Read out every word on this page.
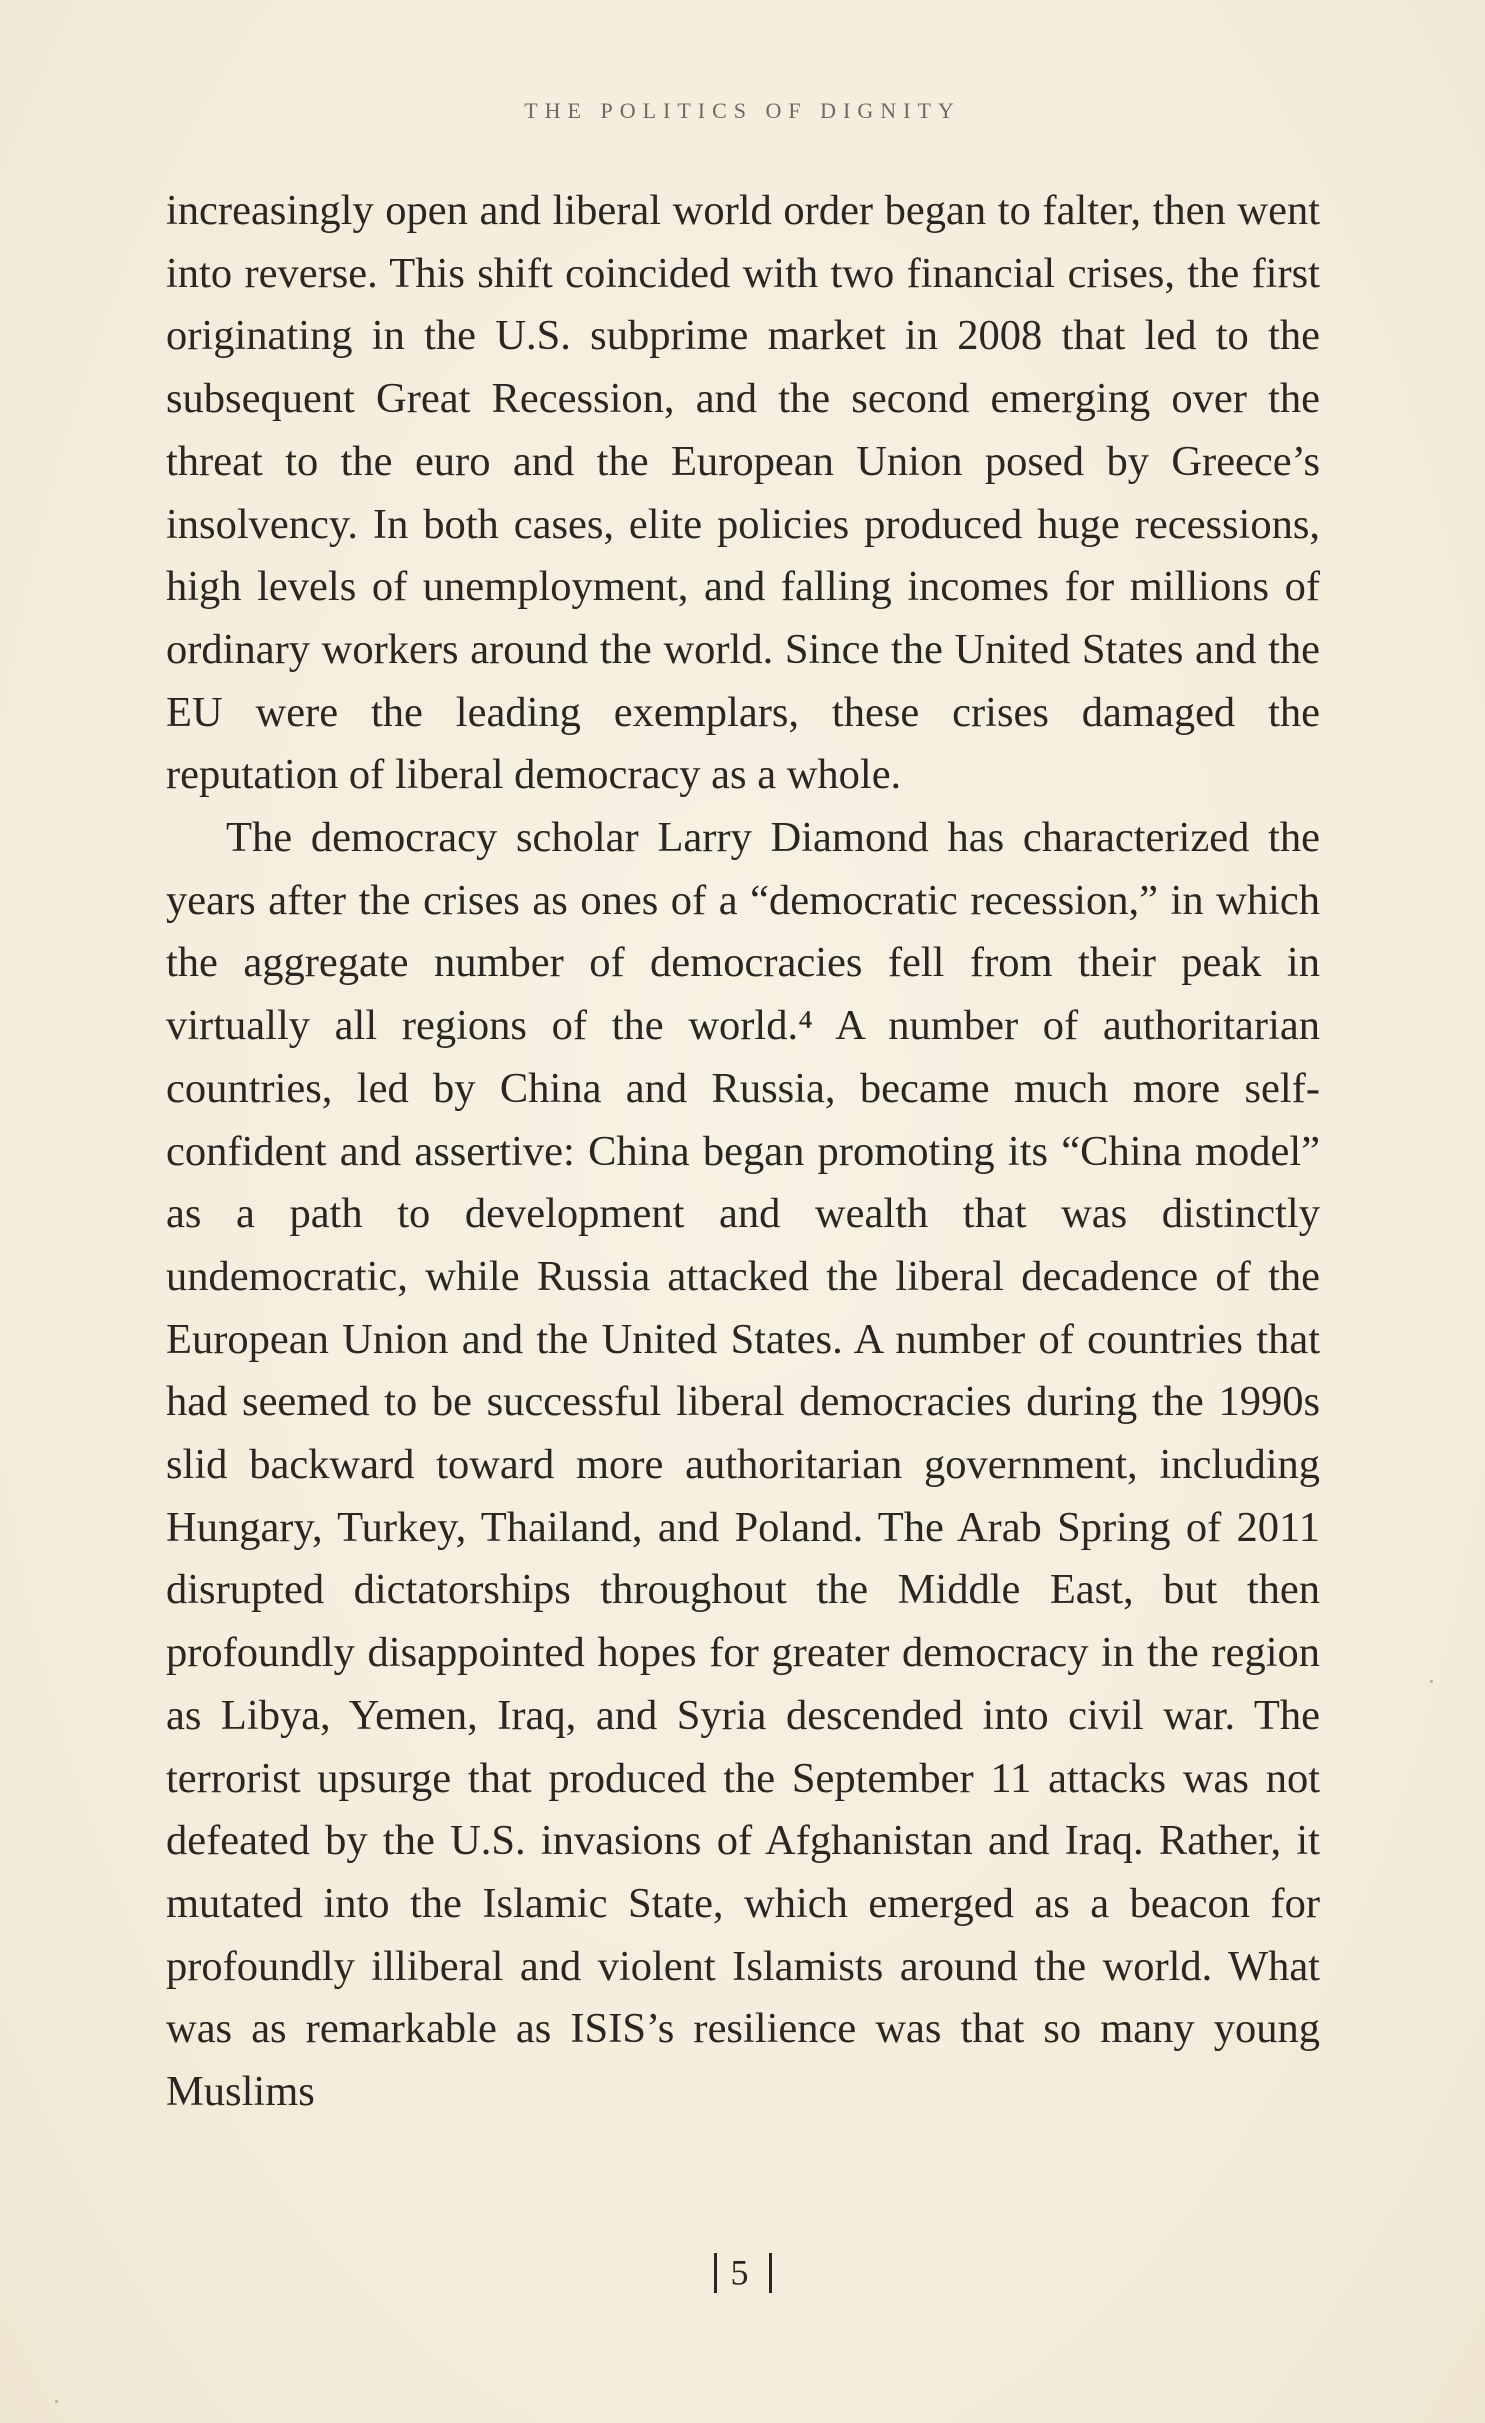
THE POLITICS OF DIGNITY

increasingly open and liberal world order began to falter, then went into reverse. This shift coincided with two financial crises, the first originating in the U.S. subprime market in 2008 that led to the subsequent Great Recession, and the second emerging over the threat to the euro and the European Union posed by Greece’s insolvency. In both cases, elite policies produced huge recessions, high levels of unemployment, and falling incomes for millions of ordinary workers around the world. Since the United States and the EU were the leading exemplars, these crises damaged the reputation of liberal democracy as a whole.

The democracy scholar Larry Diamond has characterized the years after the crises as ones of a “democratic recession,” in which the aggregate number of democracies fell from their peak in virtually all regions of the world.⁴ A number of authoritarian countries, led by China and Russia, became much more self-confident and assertive: China began promoting its “China model” as a path to development and wealth that was distinctly undemocratic, while Russia attacked the liberal decadence of the European Union and the United States. A number of countries that had seemed to be successful liberal democracies during the 1990s slid backward toward more authoritarian government, including Hungary, Turkey, Thailand, and Poland. The Arab Spring of 2011 disrupted dictatorships throughout the Middle East, but then profoundly disappointed hopes for greater democracy in the region as Libya, Yemen, Iraq, and Syria descended into civil war. The terrorist upsurge that produced the September 11 attacks was not defeated by the U.S. invasions of Afghanistan and Iraq. Rather, it mutated into the Islamic State, which emerged as a beacon for profoundly illiberal and violent Islamists around the world. What was as remarkable as ISIS’s resilience was that so many young Muslims

5
